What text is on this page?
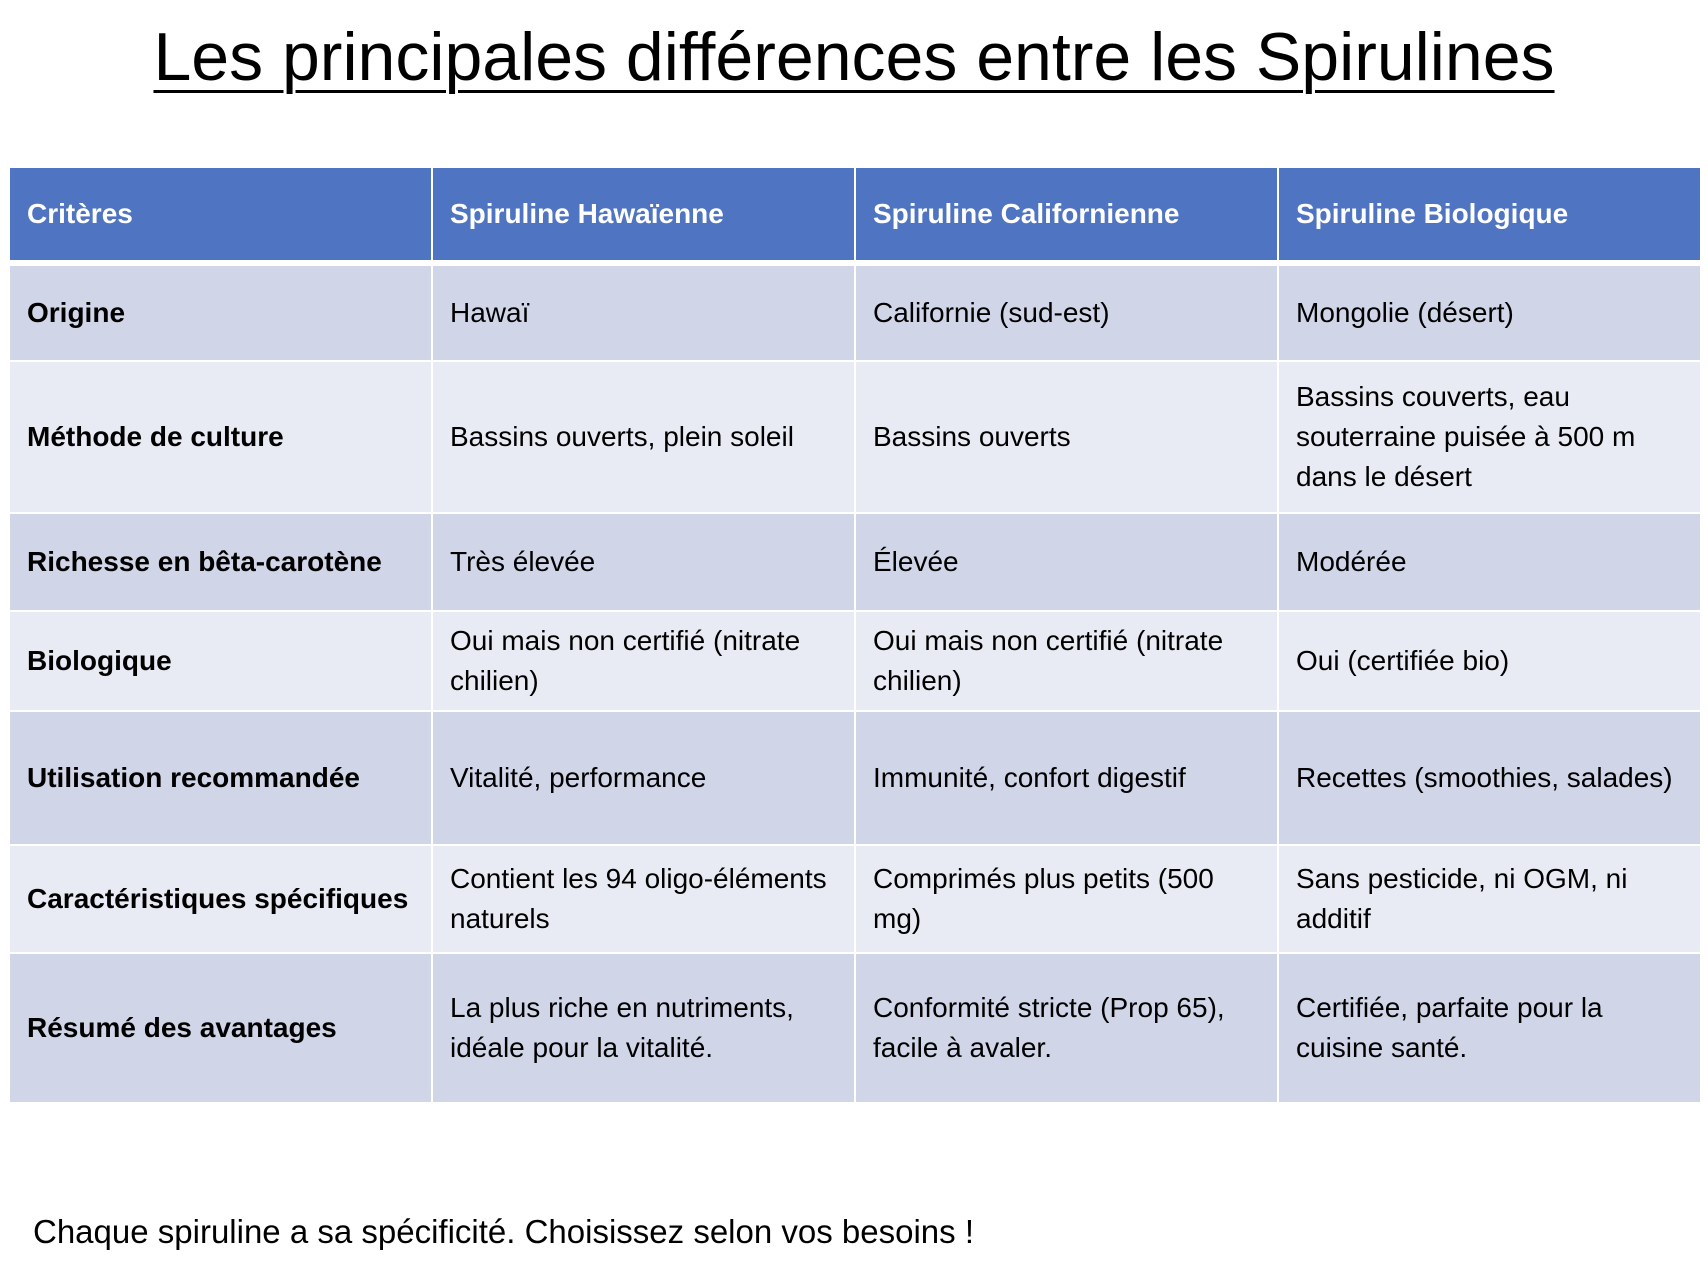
Les principales différences entre les Spirulines
Critères	Spiruline Hawaïenne	Spiruline Californienne	Spiruline Biologique
Origine	Hawaï	Californie (sud-est)	Mongolie (désert)
Méthode de culture	Bassins ouverts, plein soleil	Bassins ouverts	Bassins couverts, eau souterraine puisée à 500 m dans le désert
Richesse en bêta-carotène	Très élevée	Élevée	Modérée
Biologique	Oui mais non certifié (nitrate chilien)	Oui mais non certifié (nitrate chilien)	Oui (certifiée bio)
Utilisation recommandée	Vitalité, performance	Immunité, confort digestif	Recettes (smoothies, salades)
Caractéristiques spécifiques	Contient les 94 oligo-éléments naturels	Comprimés plus petits (500 mg)	Sans pesticide, ni OGM, ni additif
Résumé des avantages	La plus riche en nutriments, idéale pour la vitalité.	Conformité stricte (Prop 65), facile à avaler.	Certifiée, parfaite pour la cuisine santé.

Chaque spiruline a sa spécificité. Choisissez selon vos besoins !
